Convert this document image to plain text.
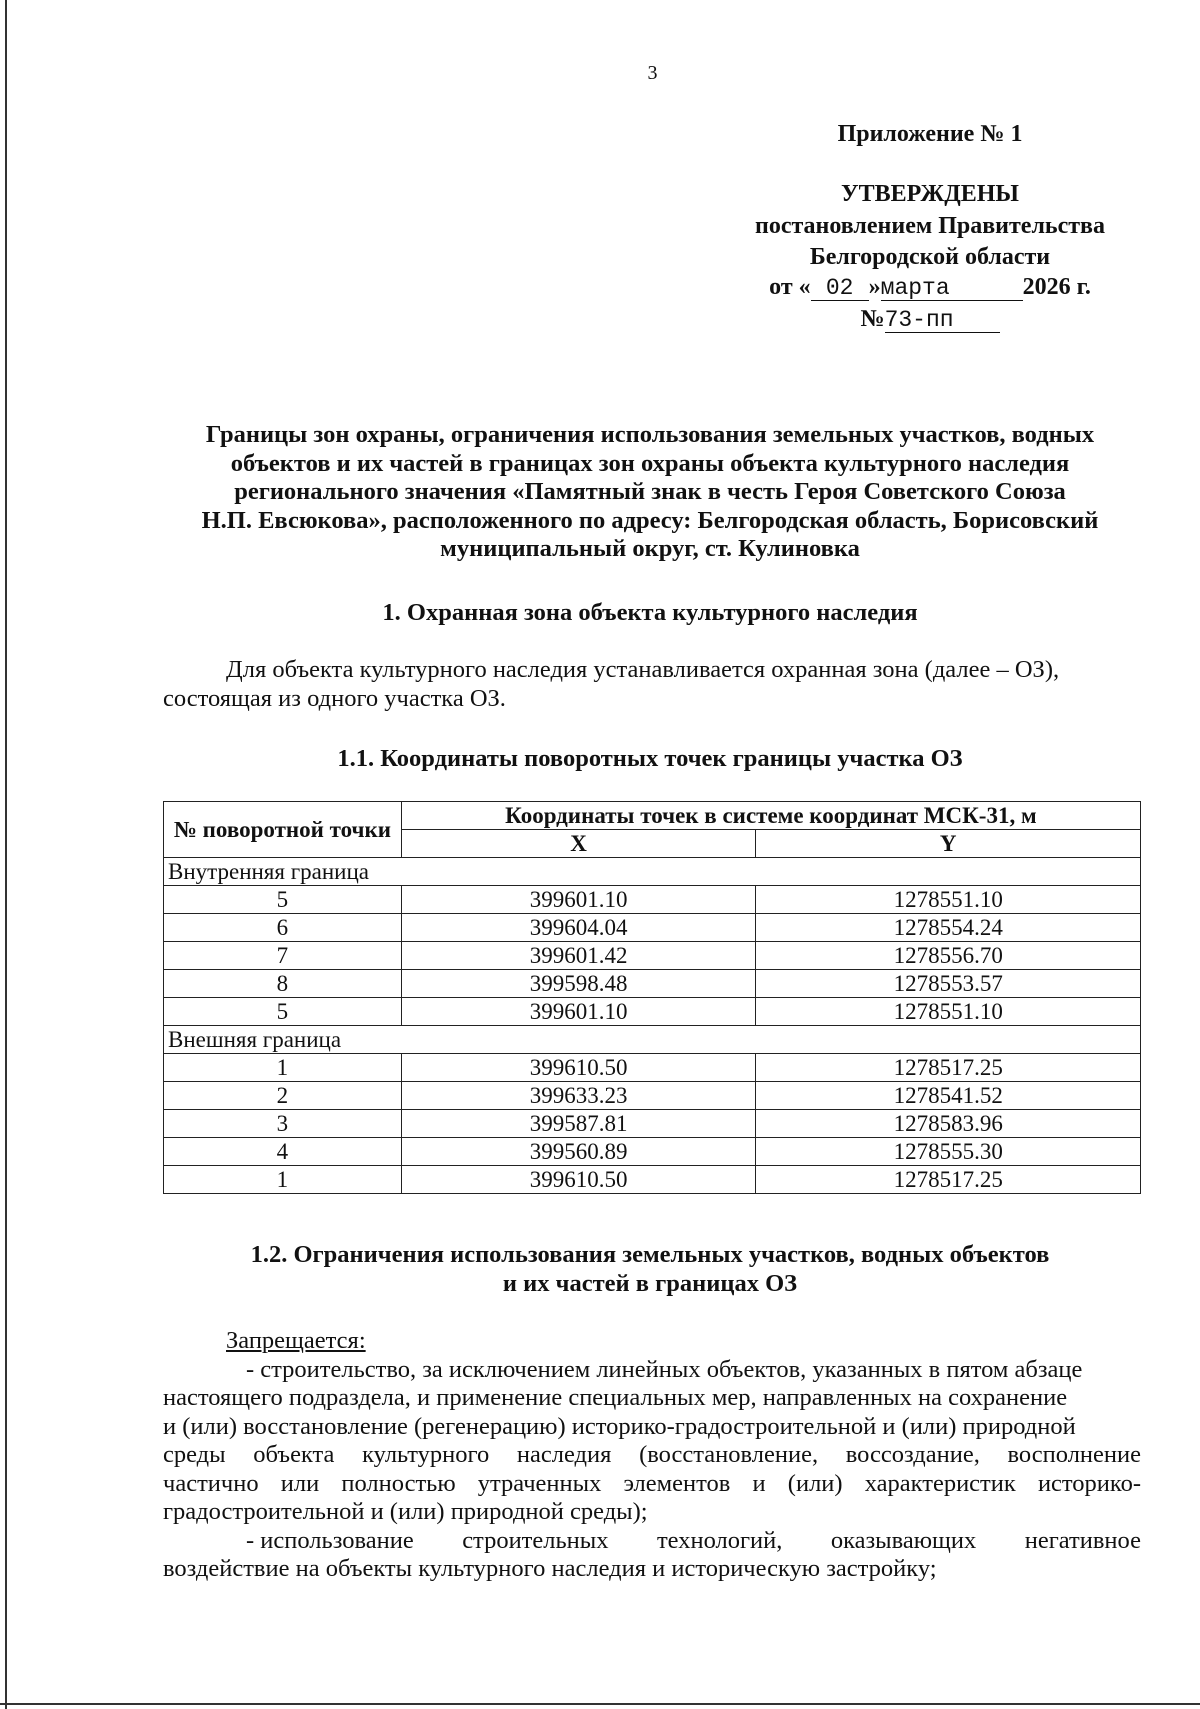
3
Приложение № 1
УТВЕРЖДЕНЫ
постановлением Правительства
Белгородской области
от « 02 »марта	2026 г.
№73-пп
Границы зон охраны, ограничения использования земельных участков, водных
объектов и их частей в границах зон охраны объекта культурного наследия
регионального значения «Памятный знак в честь Героя Советского Союза
Н.П. Евсюкова», расположенного по адресу: Белгородская область, Борисовский
муниципальный округ, ст. Кулиновка
1. Охранная зона объекта культурного наследия
Для объекта культурного наследия устанавливается охранная зона (далее – ОЗ),
состоящая из одного участка ОЗ.
1.1. Координаты поворотных точек границы участка ОЗ
№ поворотной точки	Координаты точек в системе координат МСК-31, м	
	X	Y
Внутренняя граница		
5	399601.10	1278551.10
6	399604.04	1278554.24
7	399601.42	1278556.70
8	399598.48	1278553.57
5	399601.10	1278551.10
Внешняя граница		
1	399610.50	1278517.25
2	399633.23	1278541.52
3	399587.81	1278583.96
4	399560.89	1278555.30
1	399610.50	1278517.25
1.2. Ограничения использования земельных участков, водных объектов
и их частей в границах ОЗ
Запрещается:
- строительство, за исключением линейных объектов, указанных в пятом абзаце
настоящего подраздела, и применение специальных мер, направленных на сохранение
и (или) восстановление (регенерацию) историко-градостроительной и (или) природной
среды объекта культурного наследия (восстановление, воссоздание, восполнение
частично или полностью утраченных элементов и (или) характеристик историко-
градостроительной и (или) природной среды);
- использование строительных технологий, оказывающих негативное
воздействие на объекты культурного наследия и историческую застройку;
